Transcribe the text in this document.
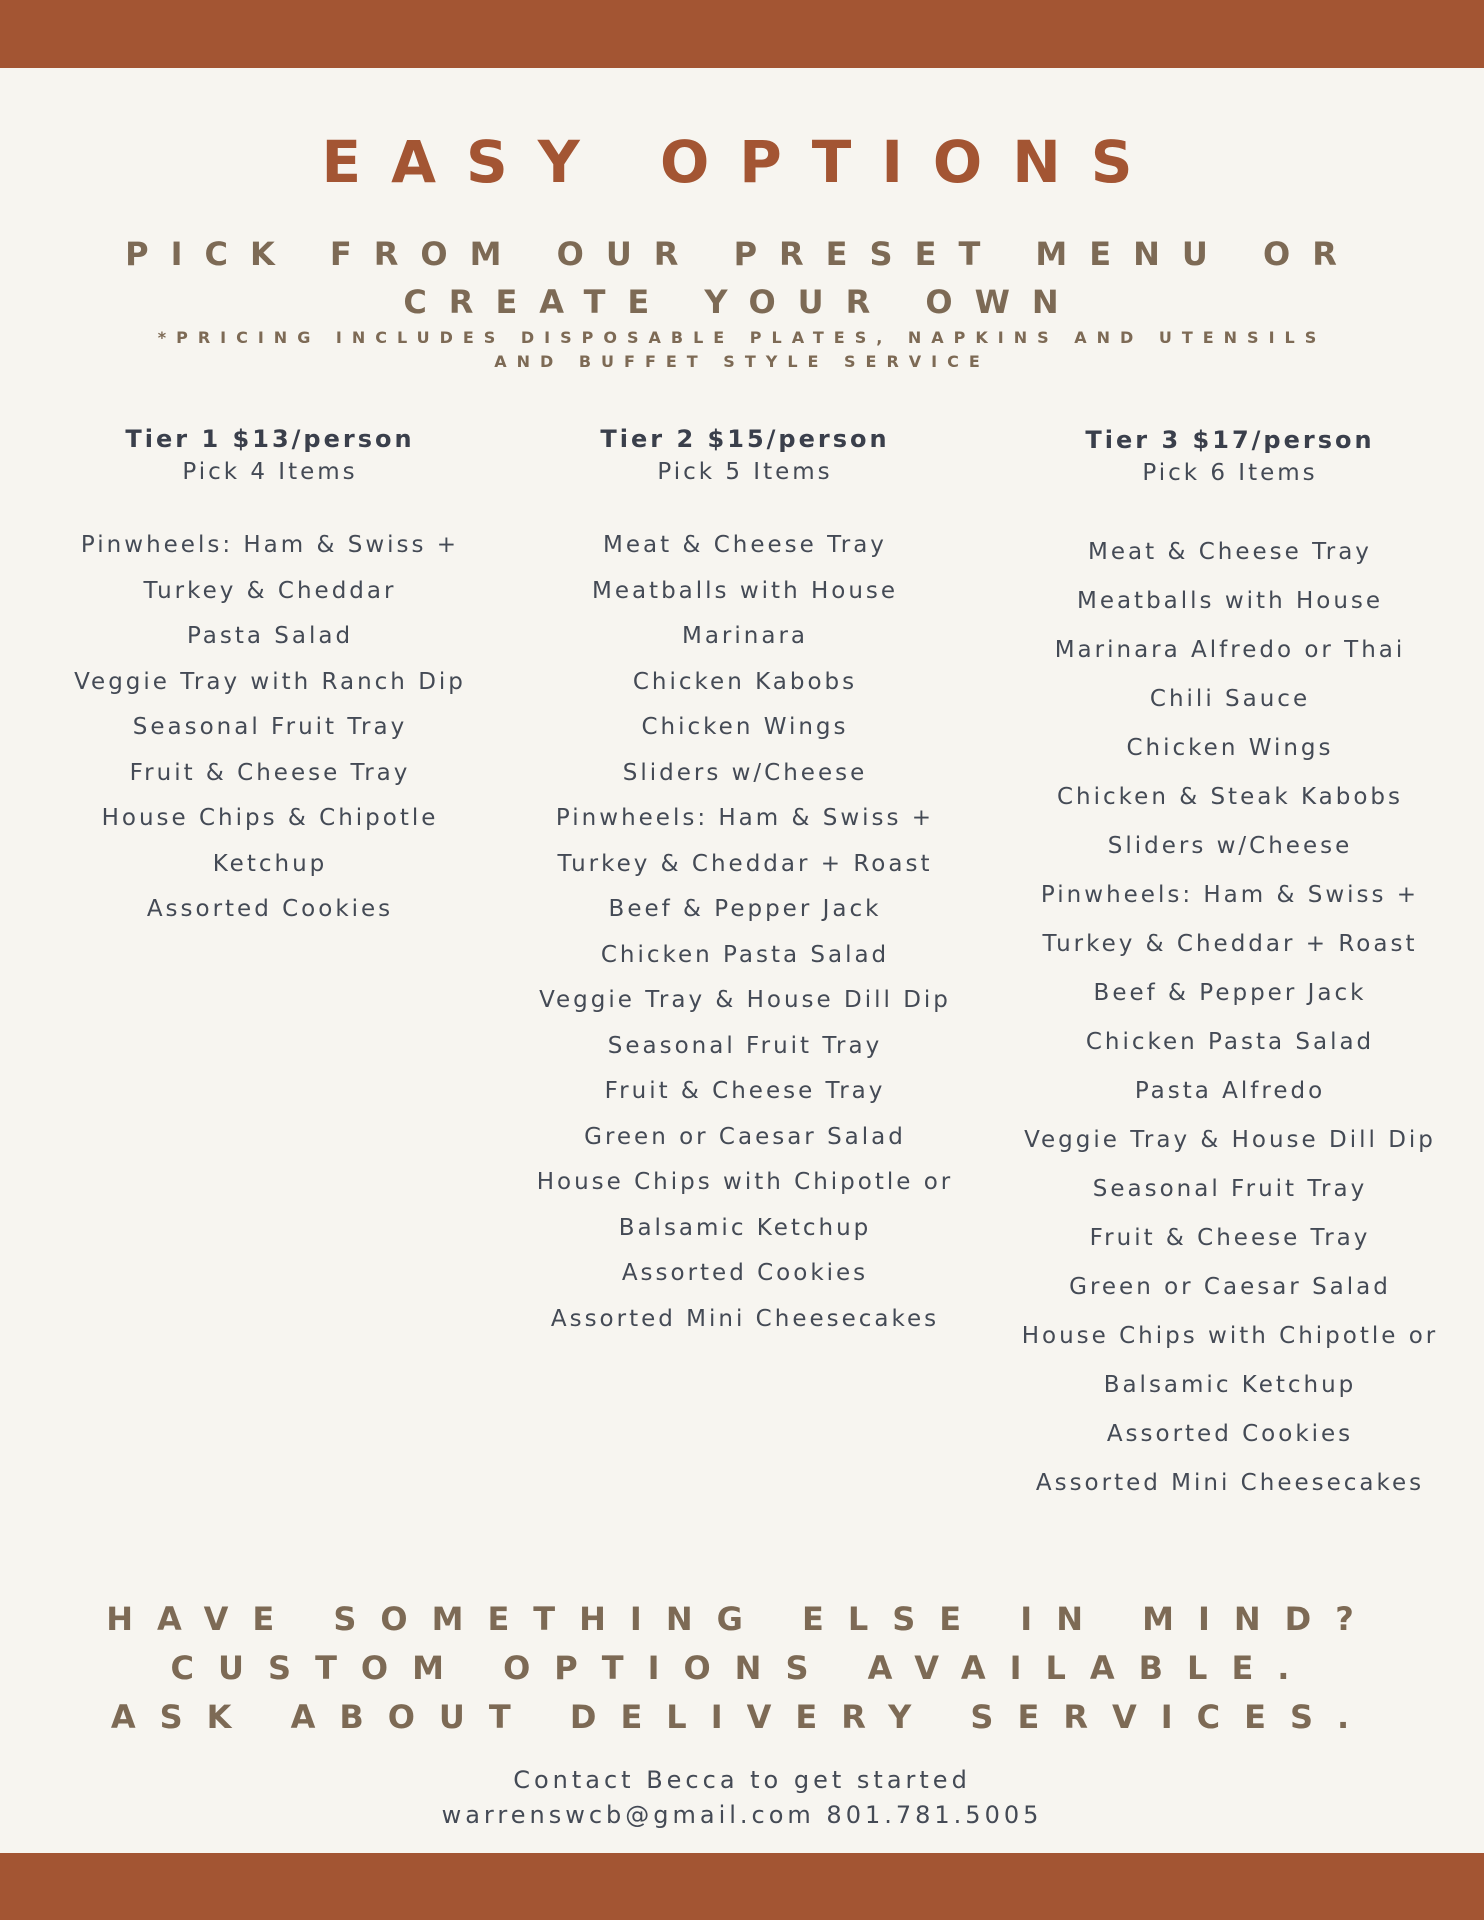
EASY OPTIONS
PICK FROM OUR PRESET MENU OR
CREATE YOUR OWN
*PRICING INCLUDES DISPOSABLE PLATES, NAPKINS AND UTENSILS
AND BUFFET STYLE SERVICE
Tier 1 $13/person
Pick 4 Items
Pinwheels: Ham & Swiss +
Turkey & Cheddar
Pasta Salad
Veggie Tray with Ranch Dip
Seasonal Fruit Tray
Fruit & Cheese Tray
House Chips & Chipotle
Ketchup
Assorted Cookies
Tier 2 $15/person
Pick 5 Items
Meat & Cheese Tray
Meatballs with House
Marinara
Chicken Kabobs
Chicken Wings
Sliders w/Cheese
Pinwheels: Ham & Swiss +
Turkey & Cheddar + Roast
Beef & Pepper Jack
Chicken Pasta Salad
Veggie Tray & House Dill Dip
Seasonal Fruit Tray
Fruit & Cheese Tray
Green or Caesar Salad
House Chips with Chipotle or
Balsamic Ketchup
Assorted Cookies
Assorted Mini Cheesecakes
Tier 3 $17/person
Pick 6 Items
Meat & Cheese Tray
Meatballs with House
Marinara Alfredo or Thai
Chili Sauce
Chicken Wings
Chicken & Steak Kabobs
Sliders w/Cheese
Pinwheels: Ham & Swiss +
Turkey & Cheddar + Roast
Beef & Pepper Jack
Chicken Pasta Salad
Pasta Alfredo
Veggie Tray & House Dill Dip
Seasonal Fruit Tray
Fruit & Cheese Tray
Green or Caesar Salad
House Chips with Chipotle or
Balsamic Ketchup
Assorted Cookies
Assorted Mini Cheesecakes
HAVE SOMETHING ELSE IN MIND?
CUSTOM OPTIONS AVAILABLE.
ASK ABOUT DELIVERY SERVICES.
Contact Becca to get started
warrenswcb@gmail.com 801.781.5005
